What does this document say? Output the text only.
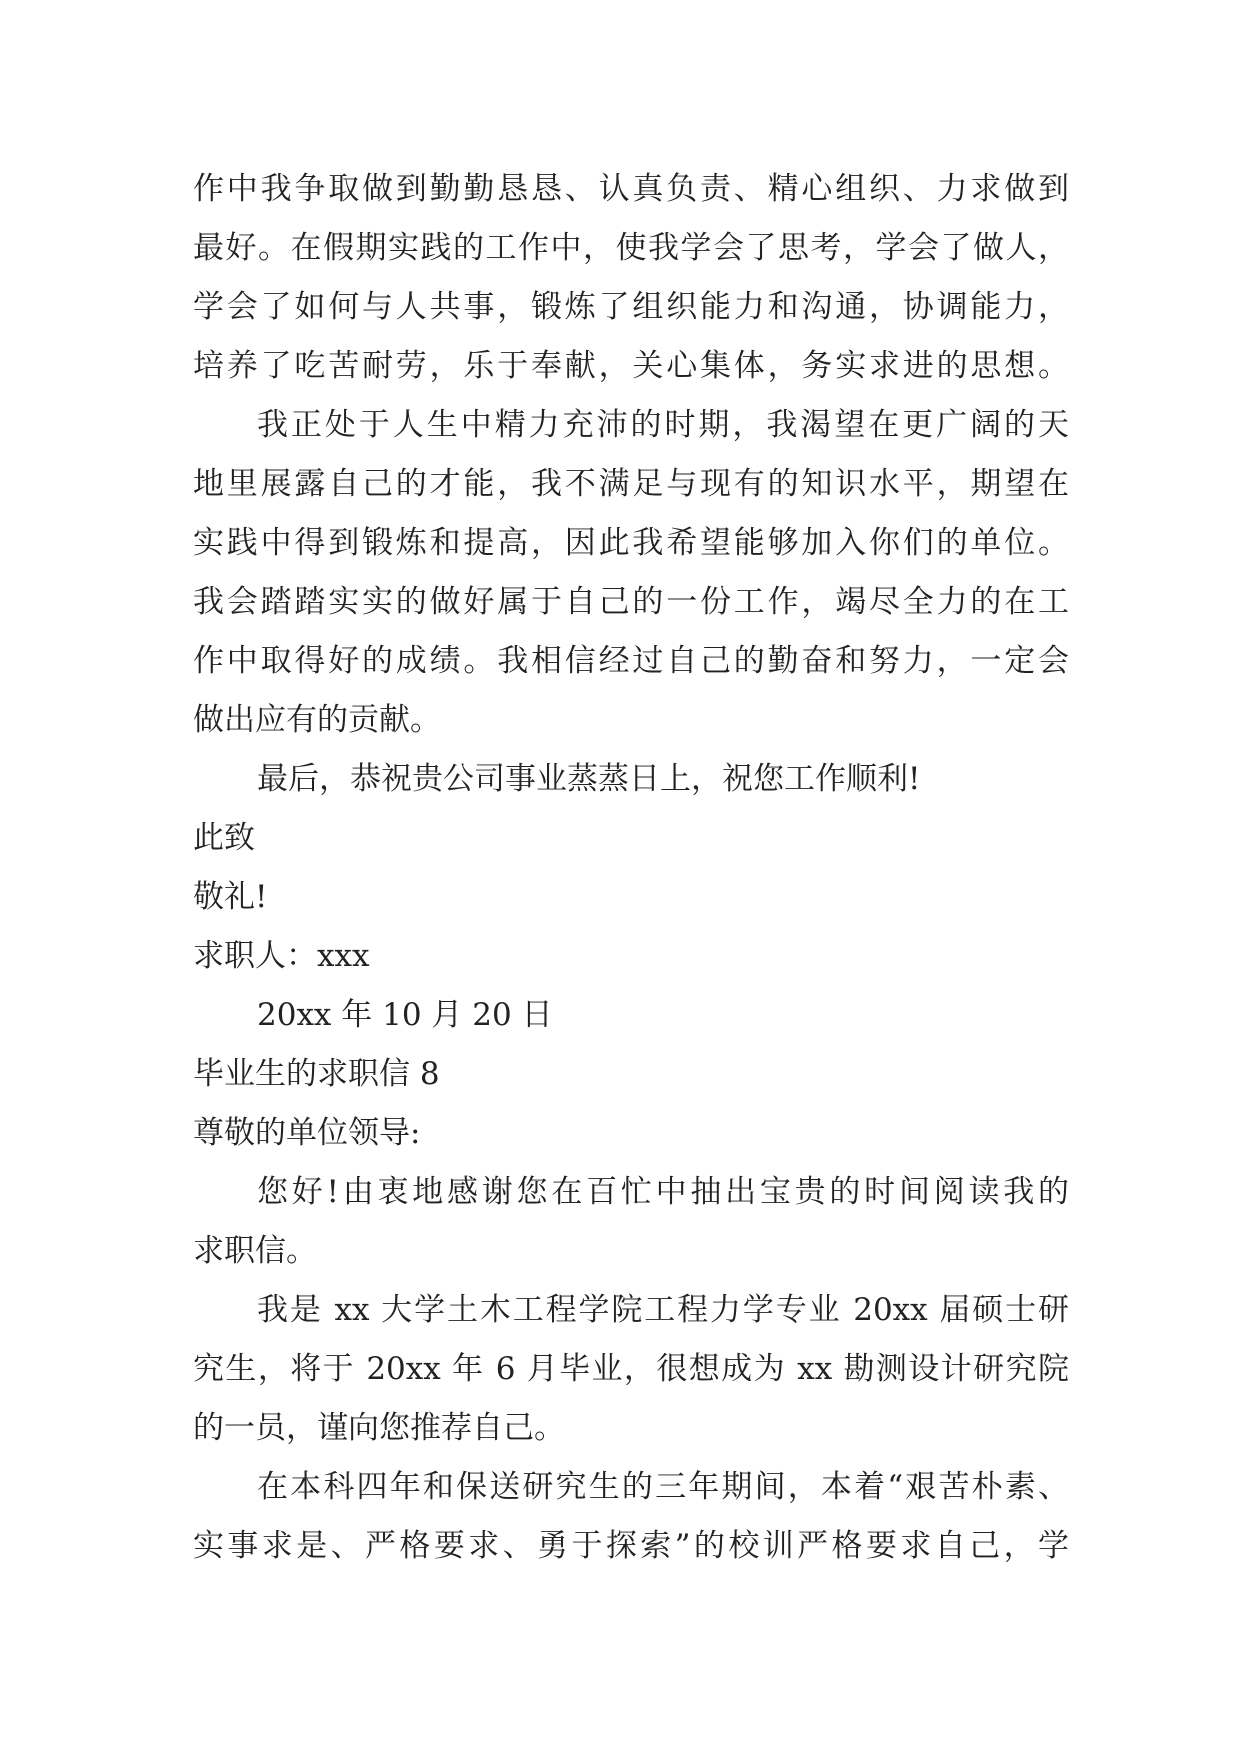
作中我争取做到勤勤恳恳、认真负责、精心组织、力求做到
最好。在假期实践的工作中，使我学会了思考，学会了做人，
学会了如何与人共事，锻炼了组织能力和沟通，协调能力，
培养了吃苦耐劳，乐于奉献，关心集体，务实求进的思想。
我正处于人生中精力充沛的时期，我渴望在更广阔的天
地里展露自己的才能，我不满足与现有的知识水平，期望在
实践中得到锻炼和提高，因此我希望能够加入你们的单位。
我会踏踏实实的做好属于自己的一份工作，竭尽全力的在工
作中取得好的成绩。我相信经过自己的勤奋和努力，一定会
做出应有的贡献。
最后，恭祝贵公司事业蒸蒸日上，祝您工作顺利!
此致
敬礼!
求职人：xxx
20xx 年 10 月 20 日
毕业生的求职信 8
尊敬的单位领导:
您好!由衷地感谢您在百忙中抽出宝贵的时间阅读我的
求职信。
我是 xx 大学土木工程学院工程力学专业 20xx 届硕士研
究生，将于 20xx 年 6 月毕业，很想成为 xx 勘测设计研究院
的一员，谨向您推荐自己。
在本科四年和保送研究生的三年期间，本着“艰苦朴素、
实事求是、严格要求、勇于探索”的校训严格要求自己，学
